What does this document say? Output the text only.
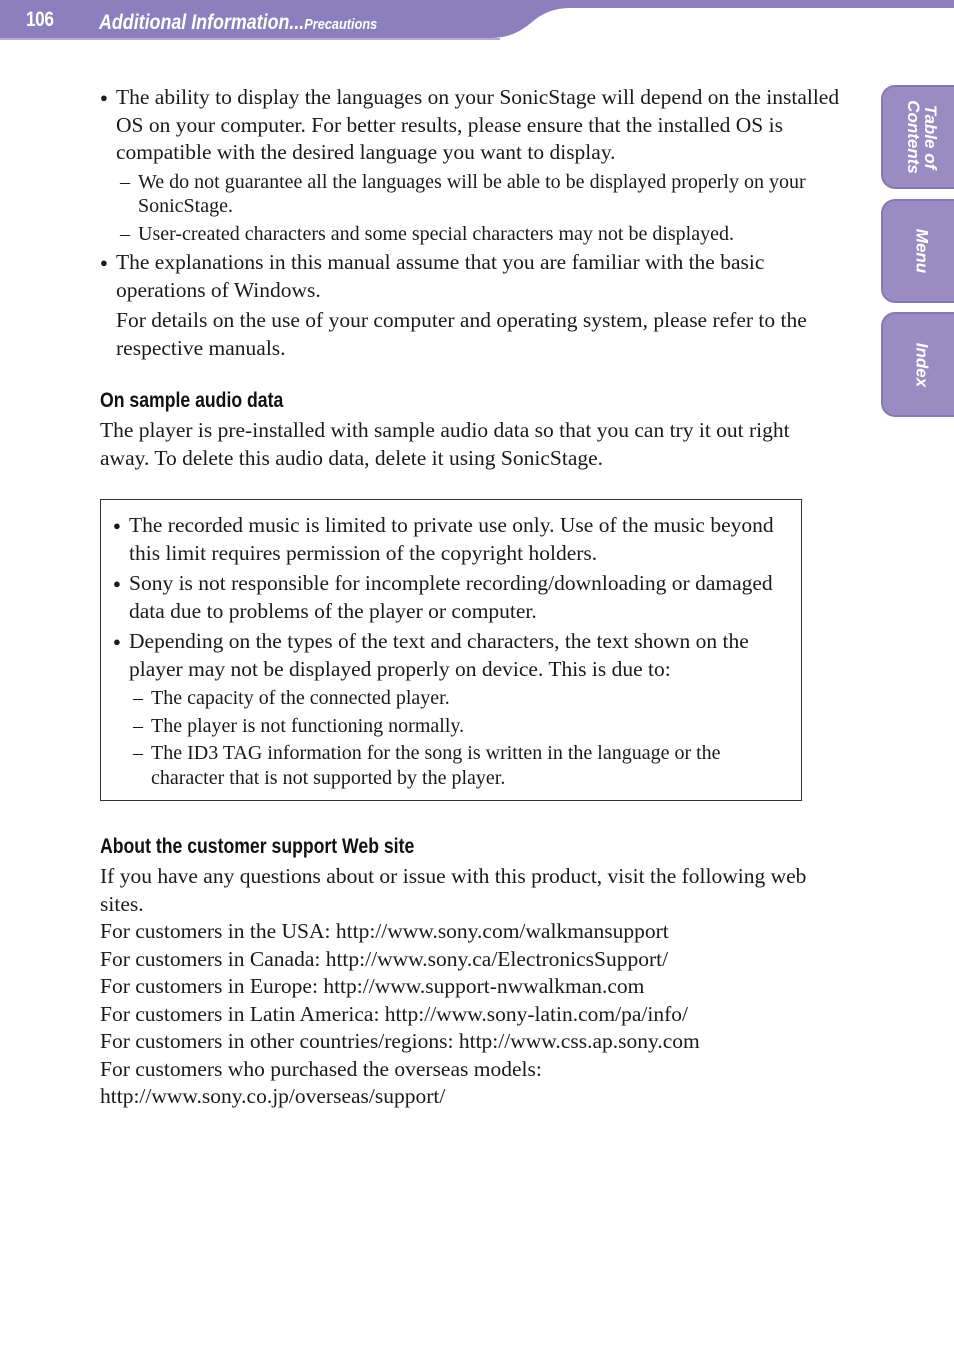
106 Additional Information...Precautions
Table of
Contents
Menu
Index
● The ability to display the languages on your SonicStage will depend on the installed OS on your computer. For better results, please ensure that the installed OS is compatible with the desired language you want to display.
– We do not guarantee all the languages will be able to be displayed properly on your SonicStage.
– User-created characters and some special characters may not be displayed.
● The explanations in this manual assume that you are familiar with the basic operations of Windows.
For details on the use of your computer and operating system, please refer to the respective manuals.
On sample audio data
The player is pre-installed with sample audio data so that you can try it out right away. To delete this audio data, delete it using SonicStage.
● The recorded music is limited to private use only. Use of the music beyond this limit requires permission of the copyright holders.
● Sony is not responsible for incomplete recording/downloading or damaged data due to problems of the player or computer.
● Depending on the types of the text and characters, the text shown on the player may not be displayed properly on device. This is due to:
– The capacity of the connected player.
– The player is not functioning normally.
– The ID3 TAG information for the song is written in the language or the character that is not supported by the player.
About the customer support Web site
If you have any questions about or issue with this product, visit the following web sites.
For customers in the USA: http://www.sony.com/walkmansupport
For customers in Canada: http://www.sony.ca/ElectronicsSupport/
For customers in Europe: http://www.support-nwwalkman.com
For customers in Latin America: http://www.sony-latin.com/pa/info/
For customers in other countries/regions: http://www.css.ap.sony.com
For customers who purchased the overseas models:
http://www.sony.co.jp/overseas/support/
